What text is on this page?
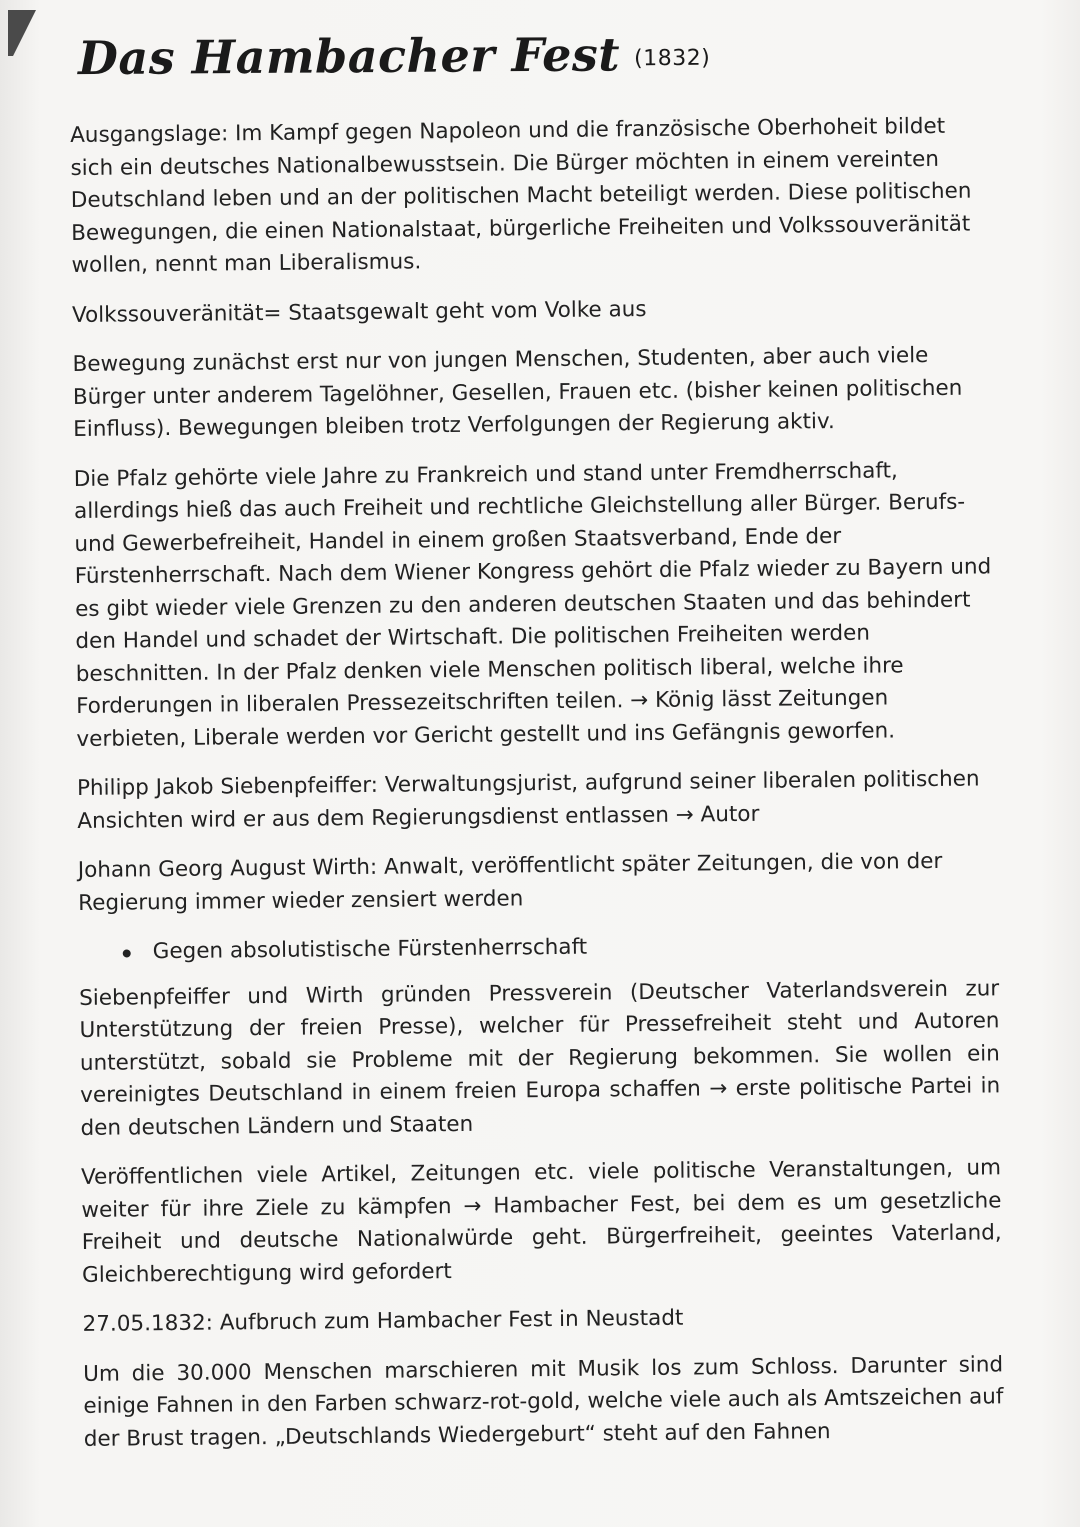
Das Hambacher Fest (1832)

Ausgangslage: Im Kampf gegen Napoleon und die französische Oberhoheit bildet sich ein deutsches Nationalbewusstsein. Die Bürger möchten in einem vereinten Deutschland leben und an der politischen Macht beteiligt werden. Diese politischen Bewegungen, die einen Nationalstaat, bürgerliche Freiheiten und Volkssouveränität wollen, nennt man Liberalismus.

Volkssouveränität= Staatsgewalt geht vom Volke aus

Bewegung zunächst erst nur von jungen Menschen, Studenten, aber auch viele Bürger unter anderem Tagelöhner, Gesellen, Frauen etc. (bisher keinen politischen Einfluss). Bewegungen bleiben trotz Verfolgungen der Regierung aktiv.

Die Pfalz gehörte viele Jahre zu Frankreich und stand unter Fremdherrschaft, allerdings hieß das auch Freiheit und rechtliche Gleichstellung aller Bürger. Berufs- und Gewerbefreiheit, Handel in einem großen Staatsverband, Ende der Fürstenherrschaft. Nach dem Wiener Kongress gehört die Pfalz wieder zu Bayern und es gibt wieder viele Grenzen zu den anderen deutschen Staaten und das behindert den Handel und schadet der Wirtschaft. Die politischen Freiheiten werden beschnitten. In der Pfalz denken viele Menschen politisch liberal, welche ihre Forderungen in liberalen Pressezeitschriften teilen. → König lässt Zeitungen verbieten, Liberale werden vor Gericht gestellt und ins Gefängnis geworfen.

Philipp Jakob Siebenpfeiffer: Verwaltungsjurist, aufgrund seiner liberalen politischen Ansichten wird er aus dem Regierungsdienst entlassen → Autor

Johann Georg August Wirth: Anwalt, veröffentlicht später Zeitungen, die von der Regierung immer wieder zensiert werden

Gegen absolutistische Fürstenherrschaft

Siebenpfeiffer und Wirth gründen Pressverein (Deutscher Vaterlandsverein zur Unterstützung der freien Presse), welcher für Pressefreiheit steht und Autoren unterstützt, sobald sie Probleme mit der Regierung bekommen. Sie wollen ein vereinigtes Deutschland in einem freien Europa schaffen → erste politische Partei in den deutschen Ländern und Staaten

Veröffentlichen viele Artikel, Zeitungen etc. viele politische Veranstaltungen, um weiter für ihre Ziele zu kämpfen → Hambacher Fest, bei dem es um gesetzliche Freiheit und deutsche Nationalwürde geht. Bürgerfreiheit, geeintes Vaterland, Gleichberechtigung wird gefordert

27.05.1832: Aufbruch zum Hambacher Fest in Neustadt

Um die 30.000 Menschen marschieren mit Musik los zum Schloss. Darunter sind einige Fahnen in den Farben schwarz-rot-gold, welche viele auch als Amtszeichen auf der Brust tragen. „Deutschlands Wiedergeburt“ steht auf den Fahnen
